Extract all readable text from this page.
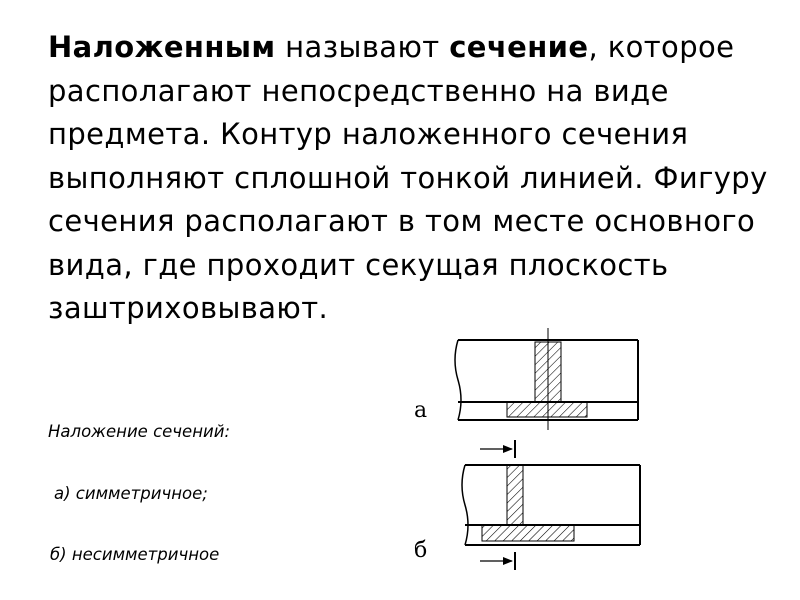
Наложенным называют сечение, которое располагают непосредственно на виде предмета. Контур наложенного сечения выполняют сплошной тонкой линией. Фигуру сечения располагают в том месте основного вида, где проходит секущая плоскость
заштриховывают.

а
б
Наложение сечений:
а) симметричное;
б) несимметричное
